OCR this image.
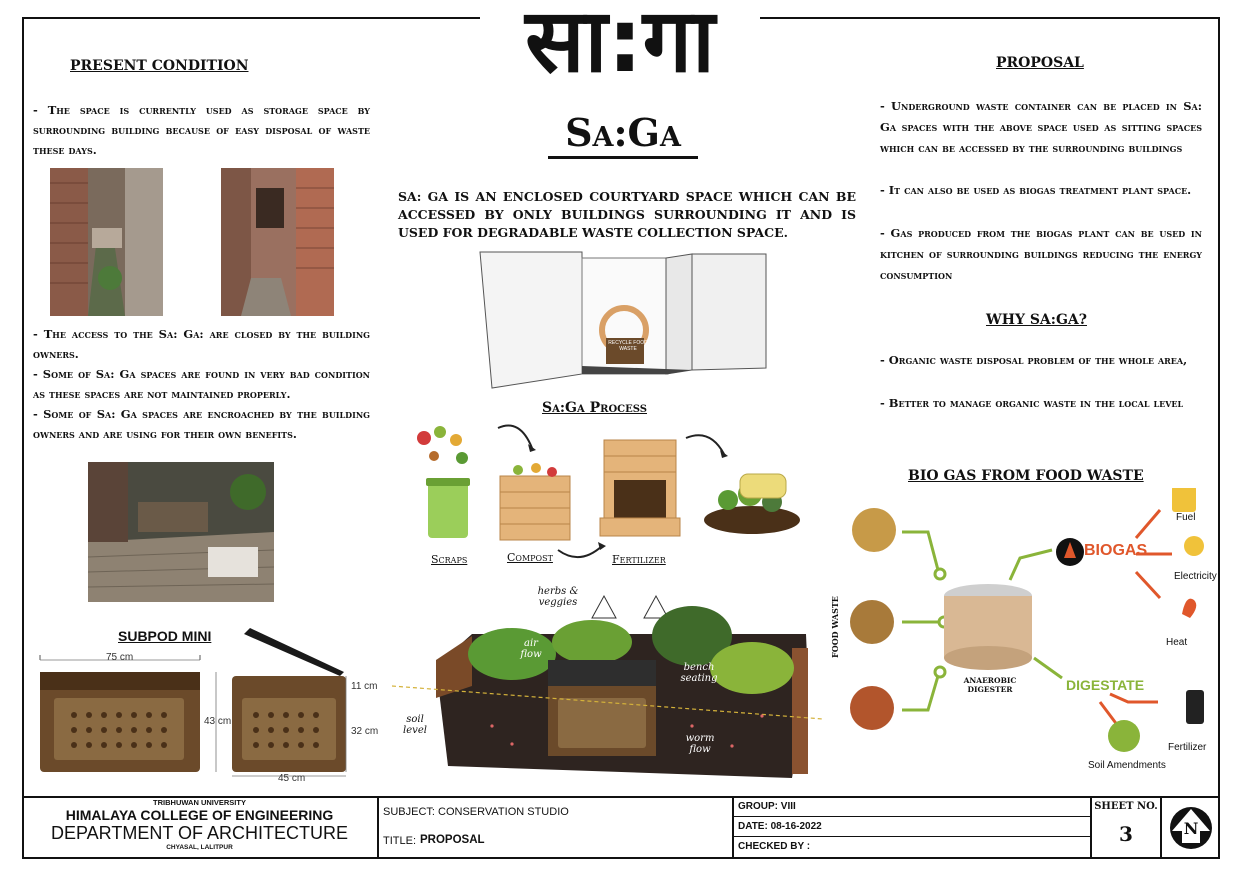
सा:गा
Sa:Ga
SA: GA IS AN ENCLOSED COURTYARD SPACE WHICH CAN BE ACCESSED BY ONLY BUILDINGS SURROUNDING IT AND IS USED FOR DEGRADABLE WASTE COLLECTION SPACE.
PRESENT CONDITION
- The space is currently used as storage space by surrounding building because of easy disposal of waste these days.
- The access to the Sa: Ga: are closed by the building owners.
- Some of Sa: Ga spaces are found in very bad condition as these spaces are not maintained properly.
- Some of Sa: Ga spaces are encroached by the building owners and are using for their own benefits.
SUBPOD MINI
75 cm
43 cm
45 cm
11 cm
32 cm
RECYCLE FOOD WASTE
Sa:Ga Process
Scraps	Compost	Fertilizer
herbs & veggies
air flow
bench seating
soil level
worm flow
PROPOSAL
- Underground waste container can be placed in Sa: Ga spaces with the above space used as sitting spaces which can be accessed by the surrounding buildings
- It can also be used as biogas treatment plant space.
- Gas produced from the biogas plant can be used in kitchen of surrounding buildings reducing the energy consumption
WHY SA:GA?
- Organic waste disposal problem of the whole area,
- Better to manage organic waste in the local level
BIO GAS FROM FOOD WASTE
FOOD WASTE
ANAEROBIC DIGESTER
BIOGAS
DIGESTATE
Fuel
Electricity
Heat
Fertilizer
Soil Amendments
TRIBHUWAN UNIVERSITY
HIMALAYA COLLEGE OF ENGINEERING
DEPARTMENT OF ARCHITECTURE
CHYASAL, LALITPUR
SUBJECT: CONSERVATION STUDIO
TITLE: PROPOSAL
GROUP: VIII
DATE: 08-16-2022
CHECKED BY :
SHEET NO.
3	N
